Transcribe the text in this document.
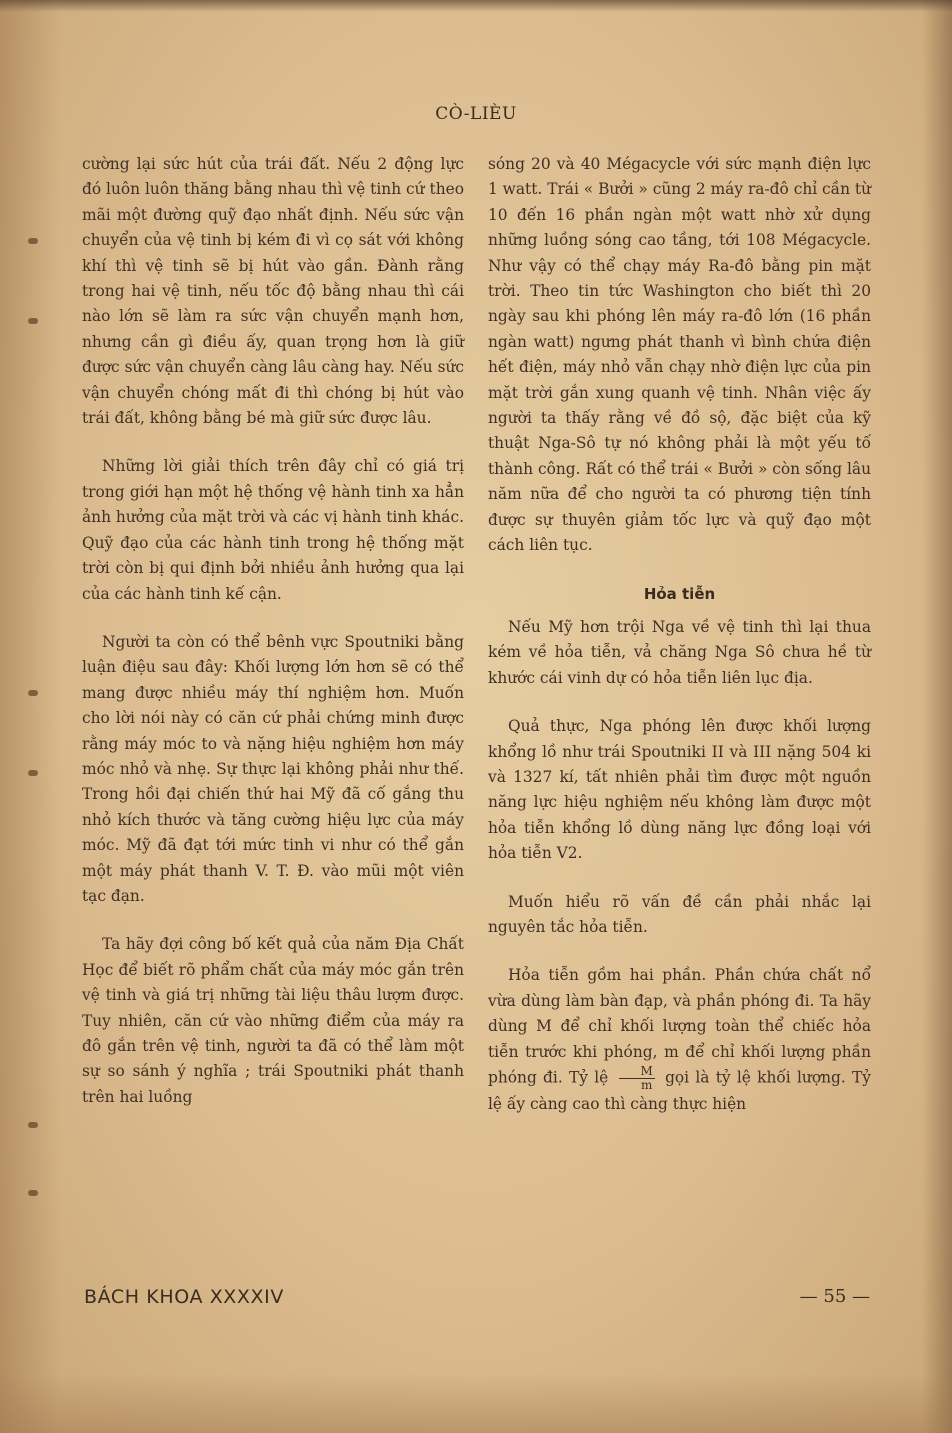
CÒ-LIÈU

cường lại sức hút của trái đất. Nếu 2 động lực đó luôn luôn thăng bằng nhau thì vệ tinh cứ theo mãi một đường quỹ đạo nhất định. Nếu sức vận chuyển của vệ tinh bị kém đi vì cọ sát với không khí thì vệ tinh sẽ bị hút vào gần. Đành rằng trong hai vệ tinh, nếu tốc độ bằng nhau thì cái nào lớn sẽ làm ra sức vận chuyển mạnh hơn, nhưng cần gì điều ấy, quan trọng hơn là giữ được sức vận chuyển càng lâu càng hay. Nếu sức vận chuyển chóng mất đi thì chóng bị hút vào trái đất, không bằng bé mà giữ sức được lâu.

Những lời giải thích trên đây chỉ có giá trị trong giới hạn một hệ thống vệ hành tinh xa hẳn ảnh hưởng của mặt trời và các vị hành tinh khác. Quỹ đạo của các hành tinh trong hệ thống mặt trời còn bị qui định bởi nhiều ảnh hưởng qua lại của các hành tinh kế cận.

Người ta còn có thể bênh vực Spoutniki bằng luận điệu sau đây: Khối lượng lớn hơn sẽ có thể mang được nhiều máy thí nghiệm hơn. Muốn cho lời nói này có căn cứ phải chứng minh được rằng máy móc to và nặng hiệu nghiệm hơn máy móc nhỏ và nhẹ. Sự thực lại không phải như thế. Trong hồi đại chiến thứ hai Mỹ đã cố gắng thu nhỏ kích thước và tăng cường hiệu lực của máy móc. Mỹ đã đạt tới mức tinh vi như có thể gắn một máy phát thanh V. T. Đ. vào mũi một viên tạc đạn.

Ta hãy đợi công bố kết quả của năm Địa Chất Học để biết rõ phẩm chất của máy móc gắn trên vệ tinh và giá trị những tài liệu thâu lượm được. Tuy nhiên, căn cứ vào những điểm của máy ra đô gắn trên vệ tinh, người ta đã có thể làm một sự so sánh ý nghĩa ; trái Spoutniki phát thanh trên hai luồng

sóng 20 và 40 Mégacycle với sức mạnh điện lực 1 watt. Trái « Bưởi » cũng 2 máy ra-đô chỉ cần từ 10 đến 16 phần ngàn một watt nhờ xử dụng những luồng sóng cao tầng, tới 108 Mégacycle. Như vậy có thể chạy máy Ra-đô bằng pin mặt trời. Theo tin tức Washington cho biết thì 20 ngày sau khi phóng lên máy ra-đô lớn (16 phần ngàn watt) ngưng phát thanh vì bình chứa điện hết điện, máy nhỏ vẫn chạy nhờ điện lực của pin mặt trời gắn xung quanh vệ tinh. Nhân việc ấy người ta thấy rằng về đồ sộ, đặc biệt của kỹ thuật Nga-Sô tự nó không phải là một yếu tố thành công. Rất có thể trái « Bưởi » còn sống lâu năm nữa để cho người ta có phương tiện tính được sự thuyên giảm tốc lực và quỹ đạo một cách liên tục.

Hỏa tiễn

Nếu Mỹ hơn trội Nga về vệ tinh thì lại thua kém về hỏa tiễn, vả chăng Nga Sô chưa hề từ khước cái vinh dự có hỏa tiễn liên lục địa.

Quả thực, Nga phóng lên được khối lượng khổng lồ như trái Spoutniki II và III nặng 504 ki và 1327 kí, tất nhiên phải tìm được một nguồn năng lực hiệu nghiệm nếu không làm được một hỏa tiễn khổng lồ dùng năng lực đồng loại với hỏa tiễn V2.

Muốn hiểu rõ vấn đề cần phải nhắc lại nguyên tắc hỏa tiễn.

Hỏa tiễn gồm hai phần. Phần chứa chất nổ vừa dùng làm bàn đạp, và phần phóng đi. Ta hãy dùng M để chỉ khối lượng toàn thể chiếc hỏa tiễn trước khi phóng, m để chỉ khối lượng phần phóng đi. Tỷ lệ $\frac{M}{m}$ gọi là tỷ lệ khối lượng. Tỷ lệ ấy càng cao thì càng thực hiện

BÁCH KHOA XXXXIV	— 55 —
